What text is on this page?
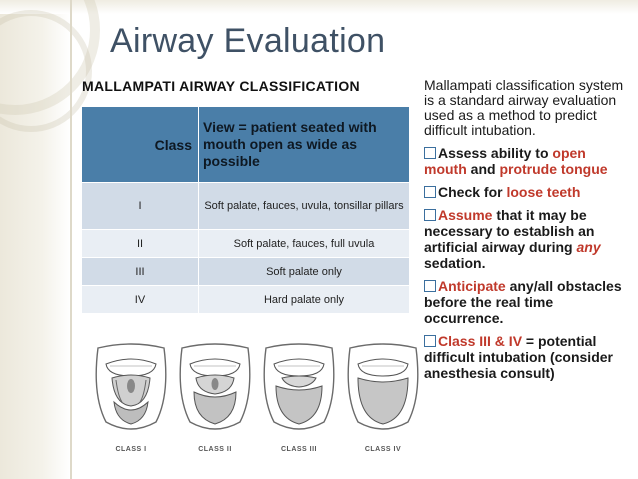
Airway Evaluation
MALLAMPATI AIRWAY CLASSIFICATION
Class	View = patient seated with mouth open as wide as possible
I	Soft palate, fauces, uvula, tonsillar pillars
II	Soft palate, fauces, full uvula
III	Soft palate only
IV	Hard palate only
CLASS I	CLASS II	CLASS III	CLASS IV
Mallampati classification system is a standard airway evaluation used as a method to predict difficult intubation.
Assess ability to open mouth and protrude tongue
Check for loose teeth
Assume that it may be necessary to establish an artificial airway during any sedation.
Anticipate any/all obstacles before the real time occurrence.
Class III & IV = potential difficult intubation (consider anesthesia consult)
